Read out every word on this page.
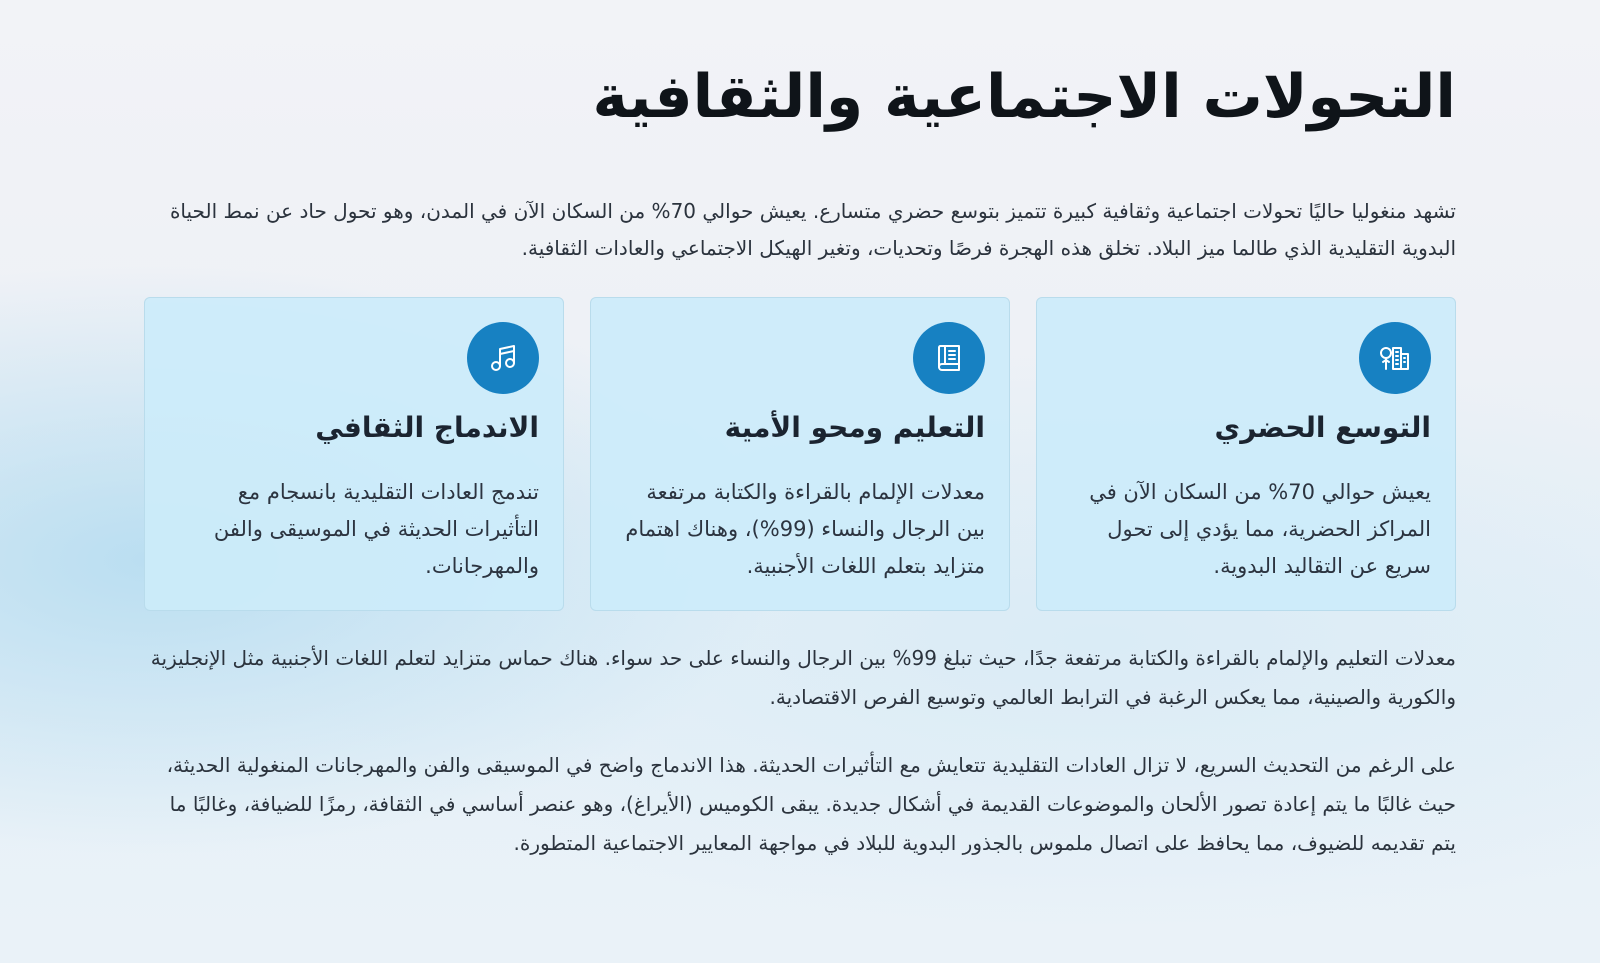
التحولات الاجتماعية والثقافية

تشهد منغوليا حاليًا تحولات اجتماعية وثقافية كبيرة تتميز بتوسع حضري متسارع. يعيش حوالي 70% من السكان الآن في المدن، وهو تحول حاد عن نمط الحياة البدوية التقليدية الذي طالما ميز البلاد. تخلق هذه الهجرة فرصًا وتحديات، وتغير الهيكل الاجتماعي والعادات الثقافية.

التوسع الحضري

يعيش حوالي 70% من السكان الآن في المراكز الحضرية، مما يؤدي إلى تحول سريع عن التقاليد البدوية.

التعليم ومحو الأمية

معدلات الإلمام بالقراءة والكتابة مرتفعة بين الرجال والنساء (99%)، وهناك اهتمام متزايد بتعلم اللغات الأجنبية.

الاندماج الثقافي

تندمج العادات التقليدية بانسجام مع التأثيرات الحديثة في الموسيقى والفن والمهرجانات.

معدلات التعليم والإلمام بالقراءة والكتابة مرتفعة جدًا، حيث تبلغ 99% بين الرجال والنساء على حد سواء. هناك حماس متزايد لتعلم اللغات الأجنبية مثل الإنجليزية والكورية والصينية، مما يعكس الرغبة في الترابط العالمي وتوسيع الفرص الاقتصادية.

على الرغم من التحديث السريع، لا تزال العادات التقليدية تتعايش مع التأثيرات الحديثة. هذا الاندماج واضح في الموسيقى والفن والمهرجانات المنغولية الحديثة، حيث غالبًا ما يتم إعادة تصور الألحان والموضوعات القديمة في أشكال جديدة. يبقى الكوميس (الأيراغ)، وهو عنصر أساسي في الثقافة، رمزًا للضيافة، وغالبًا ما يتم تقديمه للضيوف، مما يحافظ على اتصال ملموس بالجذور البدوية للبلاد في مواجهة المعايير الاجتماعية المتطورة.
